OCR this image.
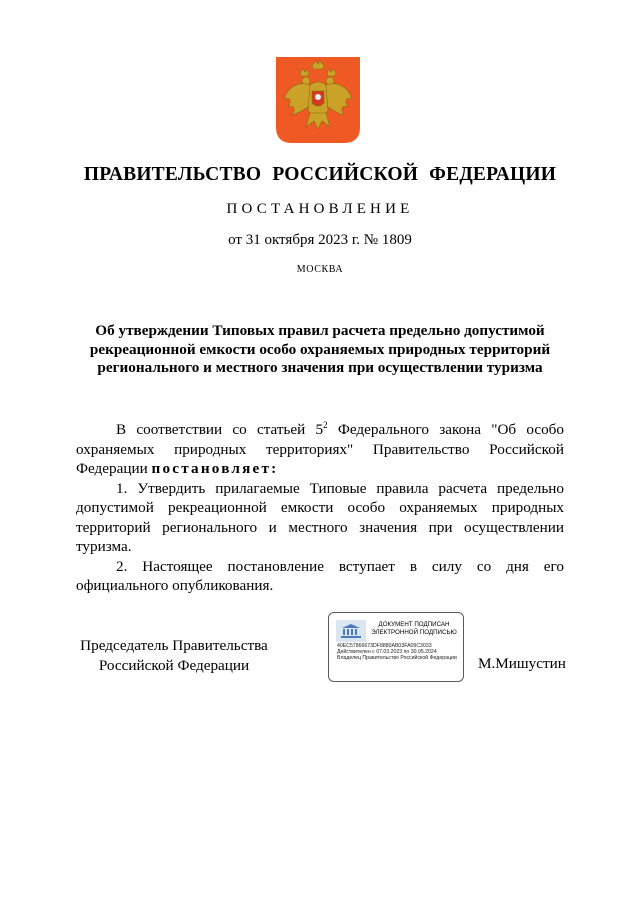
ПРАВИТЕЛЬСТВО РОССИЙСКОЙ ФЕДЕРАЦИИ
ПОСТАНОВЛЕНИЕ
от 31 октября 2023 г. № 1809
МОСКВА
Об утверждении Типовых правил расчета предельно допустимой рекреационной емкости особо охраняемых природных территорий регионального и местного значения при осуществлении туризма

В соответствии со статьей $5^2$ Федерального закона "Об особо охраняемых природных территориях" Правительство Российской Федерации постановляет:

1. Утвердить прилагаемые Типовые правила расчета предельно допустимой рекреационной емкости особо охраняемых природных территорий регионального и местного значения при осуществлении туризма.

2. Настоящее постановление вступает в силу со дня его официального опубликования.

Председатель Правительства
Российской Федерации
ДОКУМЕНТ ПОДПИСАН
ЭЛЕКТРОННОЙ ПОДПИСЬЮ
40EC57866673DF8880AB03FA09C3033
Действителен с 07.03.2023 по 30.05.2024
Владелец Правительство Российской Федерации М.Мишустин
